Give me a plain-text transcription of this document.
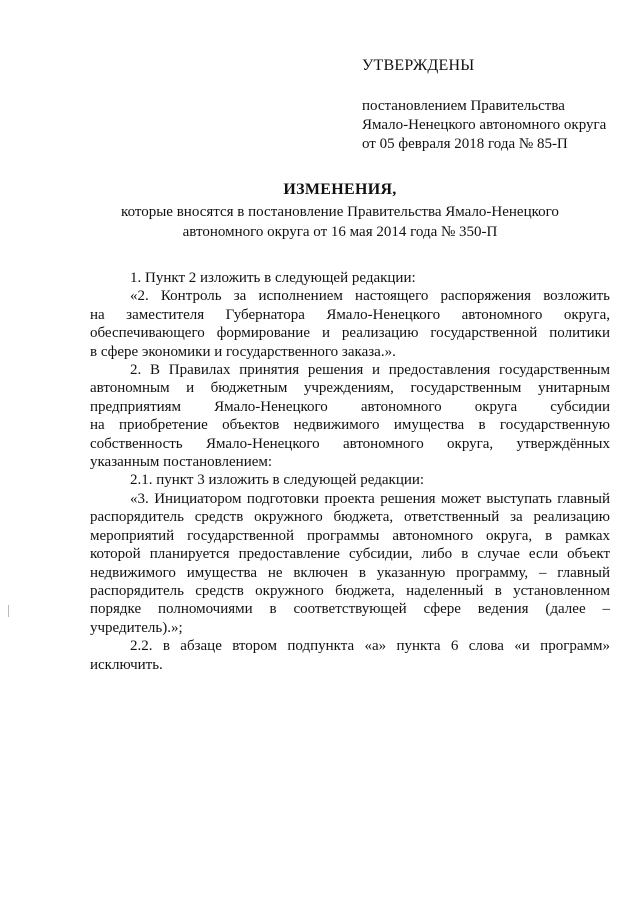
УТВЕРЖДЕНЫ
постановлением Правительства
Ямало-Ненецкого автономного округа
от 05 февраля 2018 года № 85-П
ИЗМЕНЕНИЯ,
которые вносятся в постановление Правительства Ямало-Ненецкого
автономного округа от 16 мая 2014 года № 350-П

1. Пункт 2 изложить в следующей редакции:

«2. Контроль за исполнением настоящего распоряжения возложить

на заместителя Губернатора Ямало-Ненецкого автономного округа,

обеспечивающего формирование и реализацию государственной политики

в сфере экономики и государственного заказа.».

2. В Правилах принятия решения и предоставления государственным

автономным и бюджетным учреждениям, государственным унитарным

предприятиям Ямало-Ненецкого автономного округа субсидии

на приобретение объектов недвижимого имущества в государственную

собственность Ямало-Ненецкого автономного округа, утверждённых

указанным постановлением:

2.1. пункт 3 изложить в следующей редакции:

«3. Инициатором подготовки проекта решения может выступать главный

распорядитель средств окружного бюджета, ответственный за реализацию

мероприятий государственной программы автономного округа, в рамках

которой планируется предоставление субсидии, либо в случае если объект

недвижимого имущества не включен в указанную программу, – главный

распорядитель средств окружного бюджета, наделенный в установленном

порядке полномочиями в соответствующей сфере ведения (далее –

учредитель).»;

2.2. в абзаце втором подпункта «а» пункта 6 слова «и программ»

исключить.
